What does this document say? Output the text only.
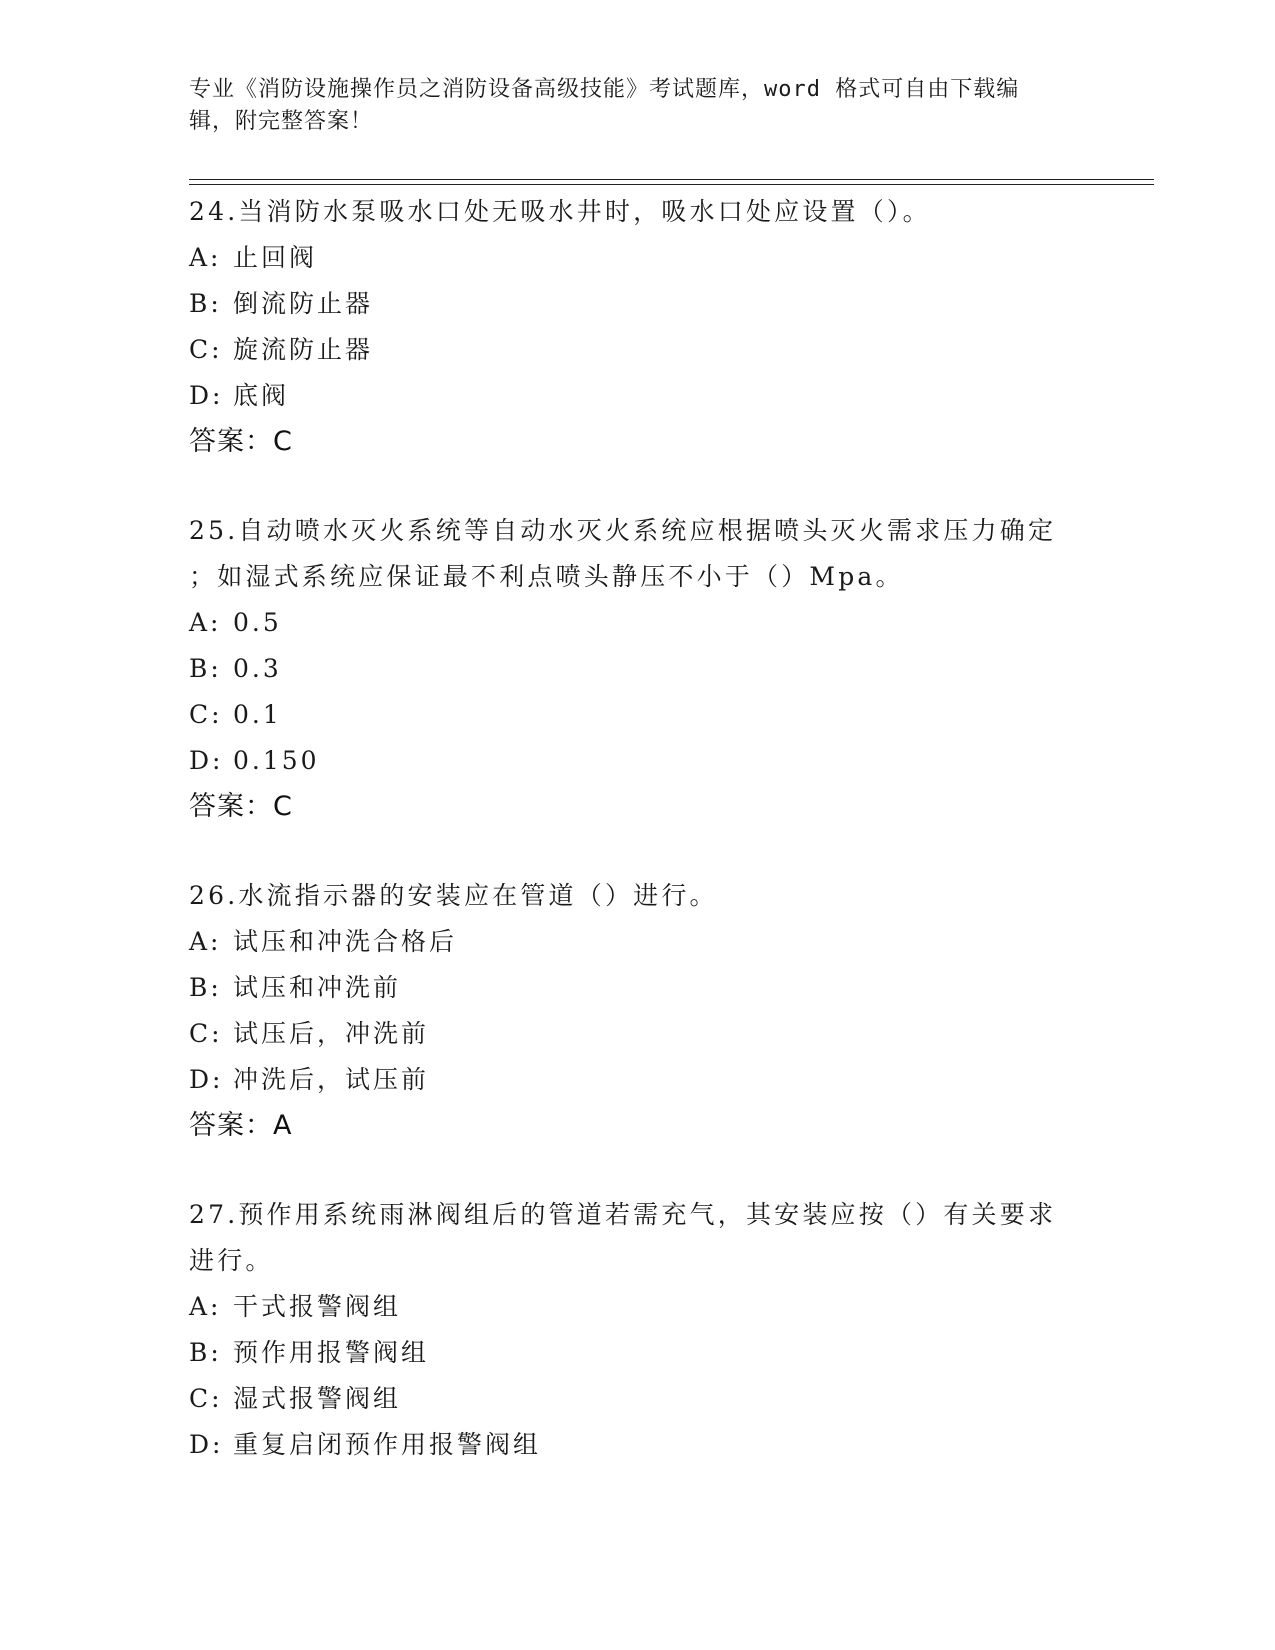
专业《消防设施操作员之消防设备高级技能》考试题库，word 格式可自由下载编
辑，附完整答案！
24.当消防水泵吸水口处无吸水井时，吸水口处应设置（）。
A: 止回阀
B: 倒流防止器
C: 旋流防止器
D: 底阀
答案：C
25.自动喷水灭火系统等自动水灭火系统应根据喷头灭火需求压力确定
；如湿式系统应保证最不利点喷头静压不小于（）Mpa。
A: 0.5
B: 0.3
C: 0.1
D: 0.150
答案：C
26.水流指示器的安装应在管道（）进行。
A: 试压和冲洗合格后
B: 试压和冲洗前
C: 试压后，冲洗前
D: 冲洗后，试压前
答案：A
27.预作用系统雨淋阀组后的管道若需充气，其安装应按（）有关要求
进行。
A: 干式报警阀组
B: 预作用报警阀组
C: 湿式报警阀组
D: 重复启闭预作用报警阀组
